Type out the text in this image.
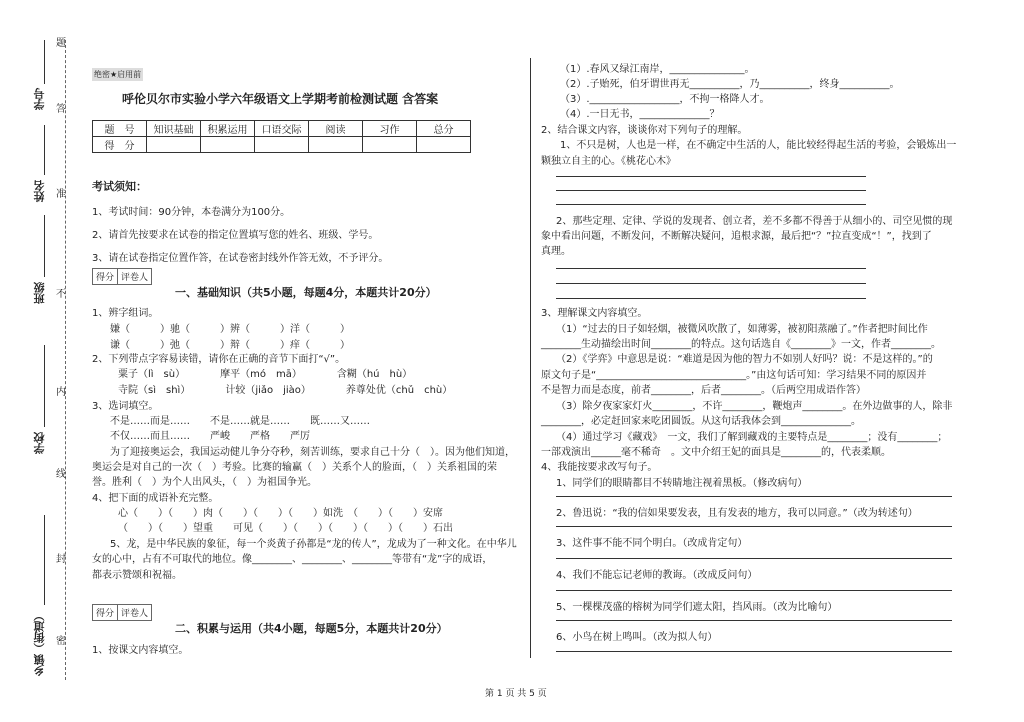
学号
姓名
班级
学校
乡镇（街道）
题
答
准
不
内
线
封
密
绝密★启用前
呼伦贝尔市实验小学六年级语文上学期考前检测试题 含答案
题　号	知识基础	积累运用	口语交际	阅读	习作	总分
得　分						
考试须知：
1、考试时间：90分钟，本卷满分为100分。
2、请首先按要求在试卷的指定位置填写您的姓名、班级、学号。
3、请在试卷指定位置作答，在试卷密封线外作答无效，不予评分。
得分 评卷人
一、基础知识（共5小题，每题4分，本题共计20分）
1、辨字组词。
嫌（　　　）驰（　　　）辨（　　　）洋（　　　）
谦（　　　）弛（　　　）辩（　　　）痒（　　　）
2、下列带点字容易读错，请你在正确的音节下面打“√”。
粟子（lì　sù）　　　　摩平（mó　mā）　　　　含糊（hú　hù）
寺院（sì　shì）　　　　计较（jiǎo　jiào）　　　　养尊处优（chǔ　chù）
3、选词填空。
不是……而是……　　不是……就是……　　既……又……
不仅……而且……　　严峻　　严格　　严厉
为了迎接奥运会，我国运动健儿争分夺秒，刻苦训练，要求自己十分（　）。因为他们知道，
奥运会是对自己的一次（　）考验。比赛的输赢（　）关系个人的脸面，（　）关系祖国的荣
誉。胜利（　）为个人出风头，（　）为祖国争光。
4、把下面的成语补充完整。
心（　　）（　　）肉（　　）（　　）（　　）如洗　（　　）（　　）安席
（　　）（　　）望重　　可见（　　）（　　）（　　）（　　）（　　）石出
5、龙，是中华民族的象征，每一个炎黄子孙都是“龙的传人”，龙成为了一种文化。在中华儿
女的心中，占有不可取代的地位。像________、________、________等带有“龙”字的成语，
都表示赞颂和祝福。
得分 评卷人
二、积累与运用（共4小题，每题5分，本题共计20分）
1、按课文内容填空。
（1）.春风又绿江南岸，_______________。
（2）.子贻死，伯牙谓世再无__________，乃__________，终身__________。
（3）.__________________，不拘一格降人才。
（4）.一日无书，______________？
2、结合课文内容，谈谈你对下列句子的理解。
1、不只是树，人也是一样，在不确定中生活的人，能比较经得起生活的考验，会锻炼出一
颗独立自主的心。《桃花心木》
2、那些定理、定律、学说的发现者、创立者，差不多都不得善于从细小的、司空见惯的现
象中看出问题，不断发问，不断解决疑问，追根求源，最后把“？”拉直变成“！”，找到了
真理。
3、理解课文内容填空。
（1）“过去的日子如轻烟，被微风吹散了，如薄雾，被初阳蒸融了。”作者把时间比作
________生动描绘出时间________的特点。这句话选自《________》一文，作者________。
（2）《学弈》中意思是说：“难道是因为他的智力不如别人好吗？说：不是这样的。”的
原文句子是“______________________________。”由这句话可知：学习结果不同的原因并
不是智力而是态度，前者________，后者________。（后两空用成语作答）
（3）除夕夜家家灯火________，不许________，鞭炮声________。在外边做事的人，除非
________，必定赶回家来吃团圆饭。从这句话我体会到______________。
（4）通过学习《藏戏》　一文，我们了解到藏戏的主要特点是________；没有________；
一部戏演出______毫不稀奇　。文中介绍王妃的面具是________的，代表柔顺。
4、我能按要求改写句子。
1、同学们的眼睛都目不转睛地注视着黑板。（修改病句）
2、鲁迅说：“我的信如果要发表，且有发表的地方，我可以同意。”（改为转述句）
3、这件事不能不同个明白。（改成肯定句）
4、我们不能忘记老师的教诲。（改成反问句）
5、一棵棵茂盛的榕树为同学们遮太阳，挡风雨。（改为比喻句）
6、小鸟在树上鸣叫。（改为拟人句）
第 1 页 共 5 页
